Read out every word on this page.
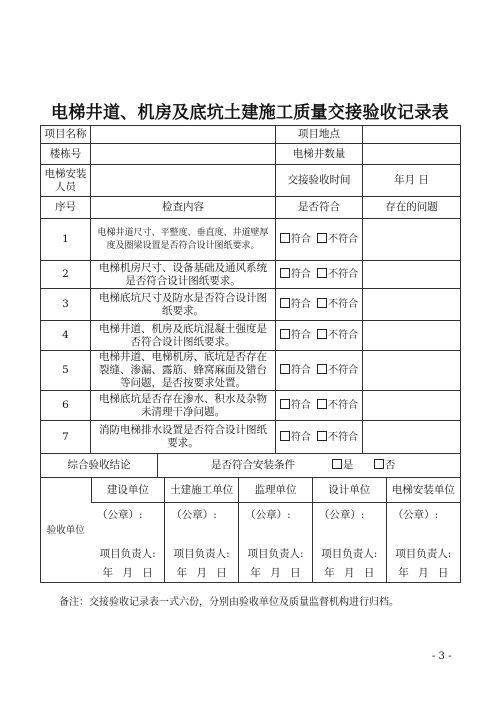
电梯井道、机房及底坑土建施工质量交接验收记录表
项目名称		项目地点	
楼栋号		电梯井数量	
电梯安装人员		交接验收时间	年月 日
序号	检查内容	是否符合	存在的问题
1	电梯井道尺寸、平整度、垂直度、井道壁厚度及圈梁设置是否符合设计图纸要求。	符合 不符合	
2	电梯机房尺寸、设备基础及通风系统是否符合设计图纸要求。	符合 不符合	
3	电梯底坑尺寸及防水是否符合设计图纸要求。	符合 不符合	
4	电梯井道、机房及底坑混凝土强度是否符合设计图纸要求。	符合 不符合	
5	电梯井道、电梯机房、底坑是否存在裂缝、渗漏、露筋、蜂窝麻面及错台等问题，是否按要求处置。	符合 不符合	
6	电梯底坑是否存在渗水、积水及杂物未清理干净问题。	符合 不符合	
7	消防电梯排水设置是否符合设计图纸要求。	符合 不符合	

综合验收结论	是否符合安装条件	是	否

验收单位	建设单位	土建施工单位	监理单位	设计单位	电梯安装单位

（公章）:
项目负责人:
年 月 日

（公章）:
项目负责人:
年 月 日

（公章）:
项目负责人:
年 月 日

（公章）:
项目负责人:
年 月 日

（公章）:
项目负责人:
年 月 日
备注：交接验收记录表一式六份，分别由验收单位及质量监督机构进行归档。
- 3 -
